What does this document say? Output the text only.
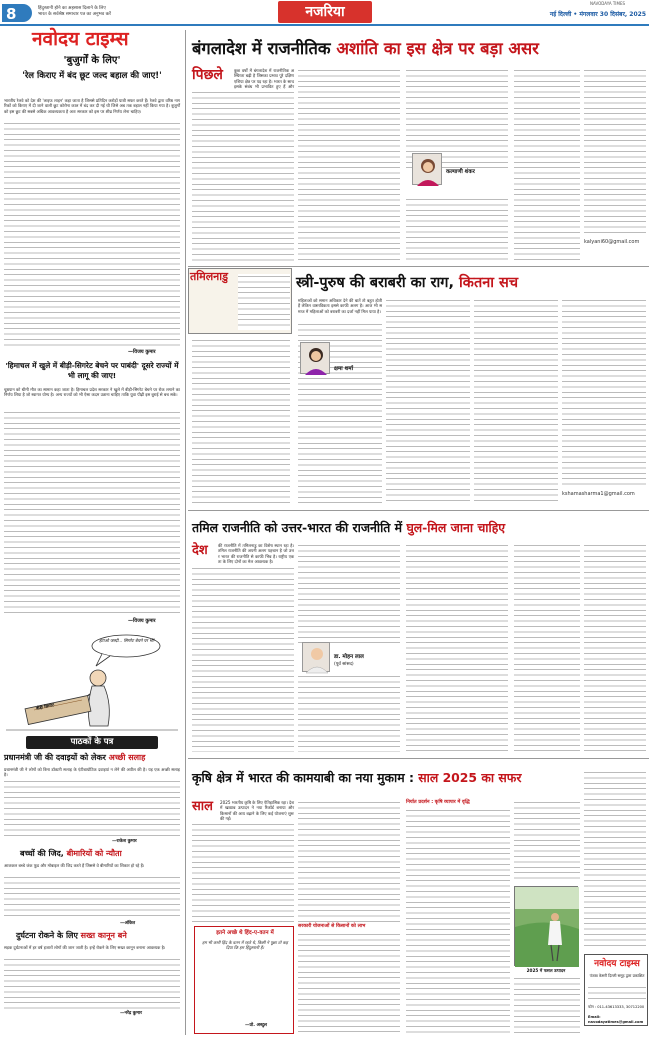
8	हिंदुस्तानी होने का अहसास दिलाने के लिए
भारत के सर्वश्रेष्ठ समाचार पत्र का अनुभव करें	नजरिया
NAVODAYA TIMES
नई दिल्ली • मंगलवार 30 दिसंबर, 2025
नवोदय टाइम्स
'बुजुर्गों के लिए'
'रेल किराए में बंद छूट जल्द बहाल की जाए!'
भारतीय रेलवे को देश की 'लाइफ लाइन' कहा जाता है जिससे प्रतिदिन करोड़ों यात्री सफर करते हैं। रेलवे द्वारा वरिष्ठ नागरिकों को किराए में दी जाने वाली छूट कोरोना काल में बंद कर दी गई थी जिसे अब तक बहाल नहीं किया गया है। बुजुर्गों को इस छूट की सबसे अधिक आवश्यकता है अतः सरकार को इस पर शीघ्र निर्णय लेना चाहिए।
—विजय कुमार
'हिमाचल में खुले में बीड़ी-सिगरेट बेचने पर पाबंदी' दूसरे राज्यों में भी लागू की जाए!
धूम्रपान को धीमी मौत का सामान कहा जाता है। हिमाचल प्रदेश सरकार ने खुले में बीड़ी-सिगरेट बेचने पर रोक लगाने का निर्णय लिया है जो स्वागत योग्य है। अन्य राज्यों को भी ऐसा कदम उठाना चाहिए ताकि युवा पीढ़ी इस बुराई से बच सके।
—विजय कुमार
हटाओ जल्दी... सिगरेट बेचने पर भी!
बीड़ी सिगरेट
पाठकों के पत्र
प्रधानमंत्री जी की दवाइयों को लेकर अच्छी सलाह
प्रधानमंत्री जी ने लोगों को बिना डॉक्टरी सलाह के एंटीबायोटिक दवाइयां न लेने की अपील की है। यह एक अच्छी सलाह है।
—राकेश कुमार
बच्चों की जिद, बीमारियों को न्यौता
आजकल बच्चे जंक फूड और मोबाइल की जिद करते हैं जिससे वे बीमारियों का शिकार हो रहे हैं।
—अंकित
दुर्घटना रोकने के लिए सख्त कानून बने
सड़क दुर्घटनाओं में हर वर्ष हजारों लोगों की जान जाती है। इन्हें रोकने के लिए सख्त कानून बनाना आवश्यक है।
—नरेंद्र कुमार
बंगलादेश में राजनीतिक अशांति का इस क्षेत्र पर बड़ा असर
पिछले	कुछ वर्षों में बंगलादेश में राजनीतिक अस्थिरता बढ़ी है जिसका प्रभाव पूरे दक्षिण एशिया क्षेत्र पर पड़ रहा है। भारत के साथ इसके संबंध भी प्रभावित हुए हैं और
kalyani60@gmail.com
कल्याणी शंकर
तमिलनाडु	स्त्री-पुरुष की बराबरी का राग, कितना सच
महिलाओं को समान अधिकार देने की बातें तो बहुत होती हैं लेकिन वास्तविकता इससे काफी अलग है। आज भी समाज में महिलाओं को बराबरी का दर्जा नहीं मिल पाया है।
kshamasharma1@gmail.com
क्षमा शर्मा
तमिल राजनीति को उत्तर-भारत की राजनीति में घुल-मिल जाना चाहिए
देश	की राजनीति में तमिलनाडु का विशेष स्थान रहा है। तमिल राजनीति की अपनी अलग पहचान है जो उत्तर भारत की राजनीति से काफी भिन्न है। राष्ट्रीय एकता के लिए दोनों का मेल आवश्यक है।
डा. मोहन लाल
(पूर्व सांसद)
कृषि क्षेत्र में भारत की कामयाबी का नया मुकाम : साल 2025 का सफर
साल 2025 भारतीय कृषि के लिए ऐतिहासिक रहा। देश में खाद्यान्न उत्पादन ने नया रिकॉर्ड बनाया और किसानों की आय बढ़ाने के लिए कई योजनाएं शुरू की गईं।
इतने अच्छे थे हिंद-ए-वतन में
हम भी कभी हिंद के वतन में रहते थे, किसी ने पूछा तो कह दिया कि हम हिंदुस्तानी हैं।
—प्रो. अब्दुल
सरकारी योजनाओं से किसानों को लाभ
निर्यात प्रदर्शन : कृषि व्यापार में वृद्धि
2025 में फसल उत्पादन
नवोदय टाइम्स
पंजाब केसरी दिल्ली समूह द्वारा प्रकाशित
फोन : 011-43613333, 30712200
Email: navodayatimes@gmail.com
